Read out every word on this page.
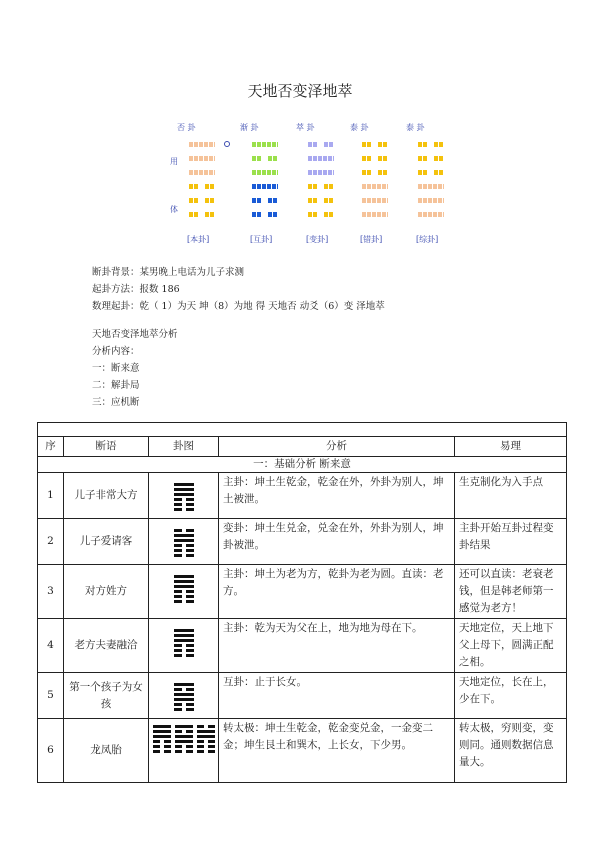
天地否变泽地萃
用
体
否 卦
[本卦]
渐 卦
[互卦]
萃 卦
[变卦]
泰 卦
[错卦]
泰 卦
[综卦]
断卦背景：某男晚上电话为儿子求测
起卦方法：报数 186
数理起卦：乾（ 1）为天 坤（8）为地 得 天地否 动爻（6）变 泽地萃
天地否变泽地萃分析
分析内容：
一：断来意
二：解卦局
三：应机断

序	断语	卦图	分析	易理
一：基础分析 断来意				
1	儿子非常大方		主卦：坤土生乾金，乾金在外，外卦为别人，坤土被泄。	生克制化为入手点
2	儿子爱请客		变卦：坤土生兑金，兑金在外，外卦为别人，坤卦被泄。	主卦开始互卦过程变卦结果
3	对方姓方		主卦：坤土为老为方，乾卦为老为圆。直读：老方。	还可以直读：老衰老钱，但是韩老师第一感觉为老方！
4	老方夫妻融洽		主卦：乾为天为父在上，地为地为母在下。	天地定位，天上地下父上母下，圆满正配之相。
5	第一个孩子为女孩		互卦：止于长女。	天地定位，长在上，少在下。
6	龙凤胎		转太极：坤土生乾金，乾金变兑金，一金变二金；坤生艮土和巽木，上长女，下少男。	转太极，穷则变，变则同。通则数据信息量大。
